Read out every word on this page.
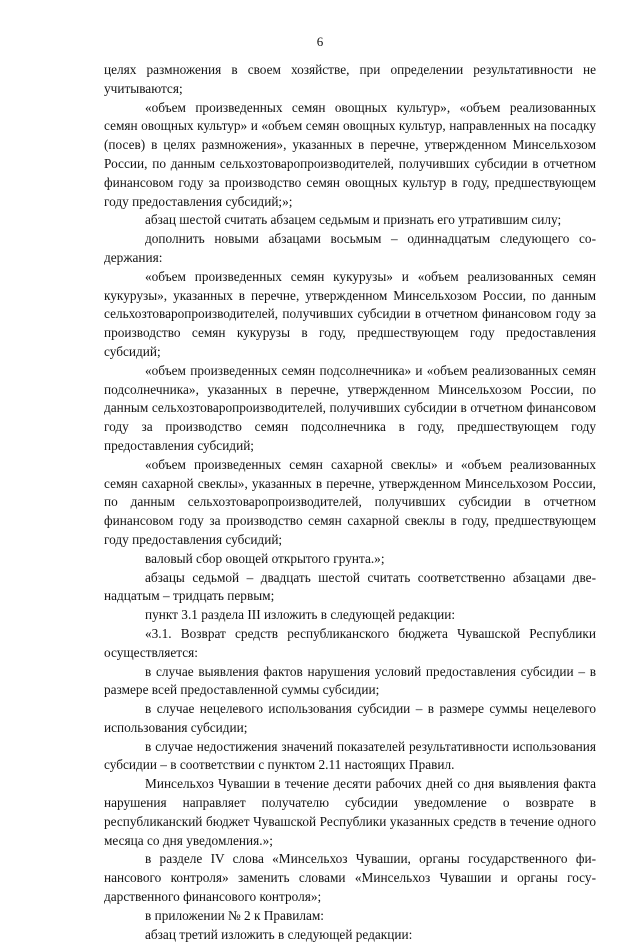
6

целях размножения в своем хозяйстве, при определении результативности не учитываются;

«объем произведенных семян овощных культур», «объем реализованных семян овощных культур» и «объем семян овощных культур, направленных на посадку (посев) в целях размножения», указанных в перечне, утвержденном Минсельхозом России, по данным сельхозтоваропроизводителей, получивших субсидии в отчетном финансовом году за производство семян овощных культур в году, предшествующем году предоставления субсидий;»;

абзац шестой считать абзацем седьмым и признать его утратившим силу;

дополнить новыми абзацами восьмым – одиннадцатым следующего содержания:

«объем произведенных семян кукурузы» и «объем реализованных семян кукурузы», указанных в перечне, утвержденном Минсельхозом России, по данным сельхозтоваропроизводителей, получивших субсидии в отчетном финансовом году за производство семян кукурузы в году, предшествующем году предоставления субсидий;

«объем произведенных семян подсолнечника» и «объем реализованных семян подсолнечника», указанных в перечне, утвержденном Минсельхозом России, по данным сельхозтоваропроизводителей, получивших субсидии в отчетном финансовом году за производство семян подсолнечника в году, предшествующем году предоставления субсидий;

«объем произведенных семян сахарной свеклы» и «объем реализованных семян сахарной свеклы», указанных в перечне, утвержденном Минсельхозом России, по данным сельхозтоваропроизводителей, получивших субсидии в отчетном финансовом году за производство семян сахарной свеклы в году, предшествующем году предоставления субсидий;

валовый сбор овощей открытого грунта.»;

абзацы седьмой – двадцать шестой считать соответственно абзацами двенадцатым – тридцать первым;

пункт 3.1 раздела III изложить в следующей редакции:

«3.1. Возврат средств республиканского бюджета Чувашской Республики осуществляется:

в случае выявления фактов нарушения условий предоставления субсидии – в размере всей предоставленной суммы субсидии;

в случае нецелевого использования субсидии – в размере суммы нецелевого использования субсидии;

в случае недостижения значений показателей результативности использования субсидии – в соответствии с пунктом 2.11 настоящих Правил.

Минсельхоз Чувашии в течение десяти рабочих дней со дня выявления факта нарушения направляет получателю субсидии уведомление о возврате в республиканский бюджет Чувашской Республики указанных средств в течение одного месяца со дня уведомления.»;

в разделе IV слова «Минсельхоз Чувашии, органы государственного финансового контроля» заменить словами «Минсельхоз Чувашии и органы государственного финансового контроля»;

в приложении № 2 к Правилам:

абзац третий изложить в следующей редакции:
